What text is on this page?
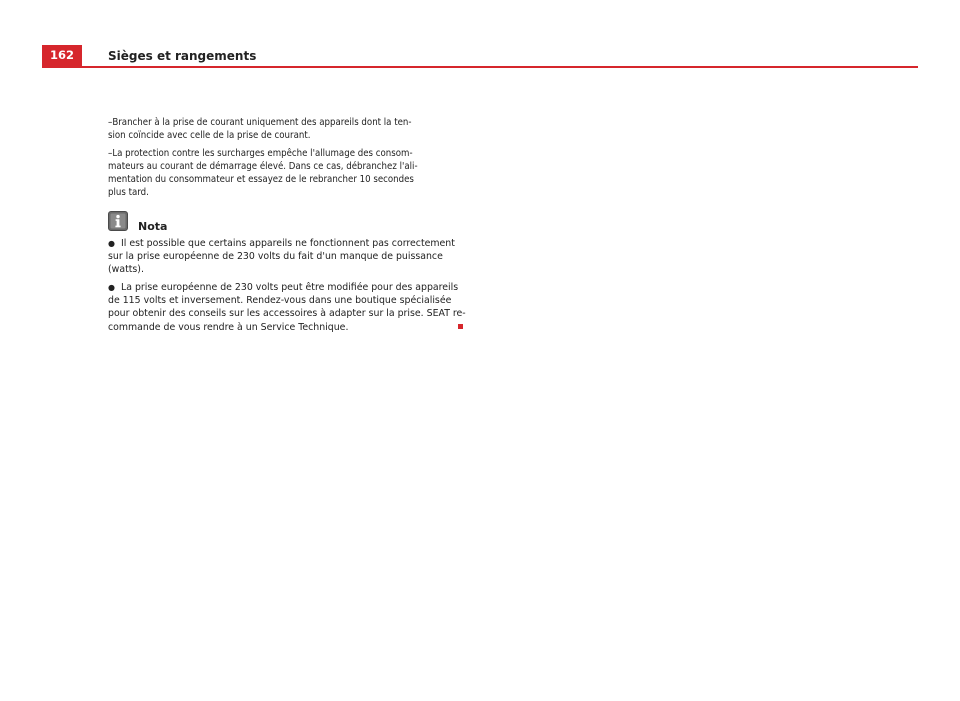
162	Sièges et rangements
–Brancher à la prise de courant uniquement des appareils dont la ten-
sion coïncide avec celle de la prise de courant.
–La protection contre les surcharges empêche l'allumage des consom-
mateurs au courant de démarrage élevé. Dans ce cas, débranchez l'ali-
mentation du consommateur et essayez de le rebrancher 10 secondes
plus tard.
Nota
● Il est possible que certains appareils ne fonctionnent pas correctement
sur la prise européenne de 230 volts du fait d'un manque de puissance
(watts).
● La prise européenne de 230 volts peut être modifiée pour des appareils
de 115 volts et inversement. Rendez-vous dans une boutique spécialisée
pour obtenir des conseils sur les accessoires à adapter sur la prise. SEAT re-
commande de vous rendre à un Service Technique.
